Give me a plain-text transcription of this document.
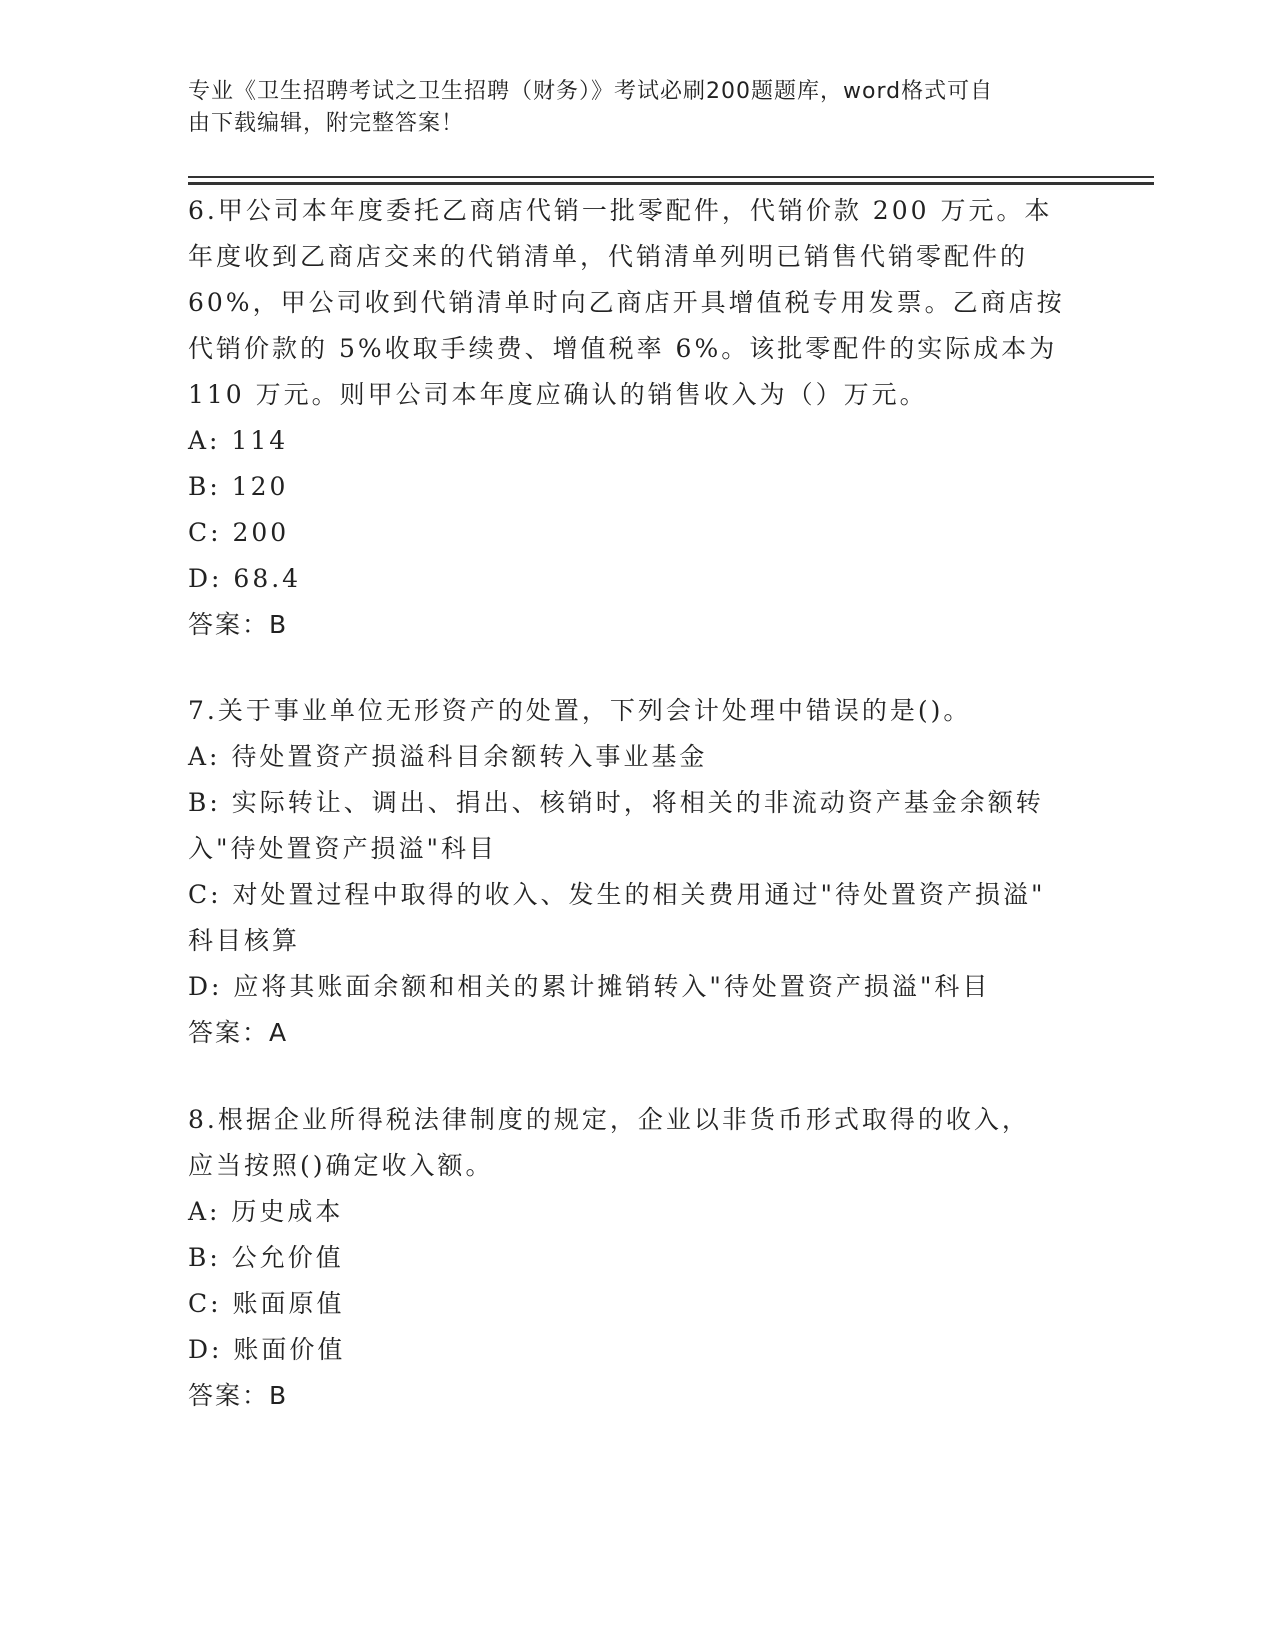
专业《卫生招聘考试之卫生招聘（财务）》考试必刷200题题库，word格式可自
由下载编辑，附完整答案！

6.甲公司本年度委托乙商店代销一批零配件，代销价款 200 万元。本

年度收到乙商店交来的代销清单，代销清单列明已销售代销零配件的

60%，甲公司收到代销清单时向乙商店开具增值税专用发票。乙商店按

代销价款的 5%收取手续费、增值税率 6%。该批零配件的实际成本为

110 万元。则甲公司本年度应确认的销售收入为（）万元。

A: 114

B: 120

C: 200

D: 68.4

答案：B

7.关于事业单位无形资产的处置，下列会计处理中错误的是()。

A: 待处置资产损溢科目余额转入事业基金

B: 实际转让、调出、捐出、核销时，将相关的非流动资产基金余额转
入"待处置资产损溢"科目

C: 对处置过程中取得的收入、发生的相关费用通过"待处置资产损溢"
科目核算

D: 应将其账面余额和相关的累计摊销转入"待处置资产损溢"科目

答案：A

8.根据企业所得税法律制度的规定，企业以非货币形式取得的收入，

应当按照()确定收入额。

A: 历史成本

B: 公允价值

C: 账面原值

D: 账面价值

答案：B
